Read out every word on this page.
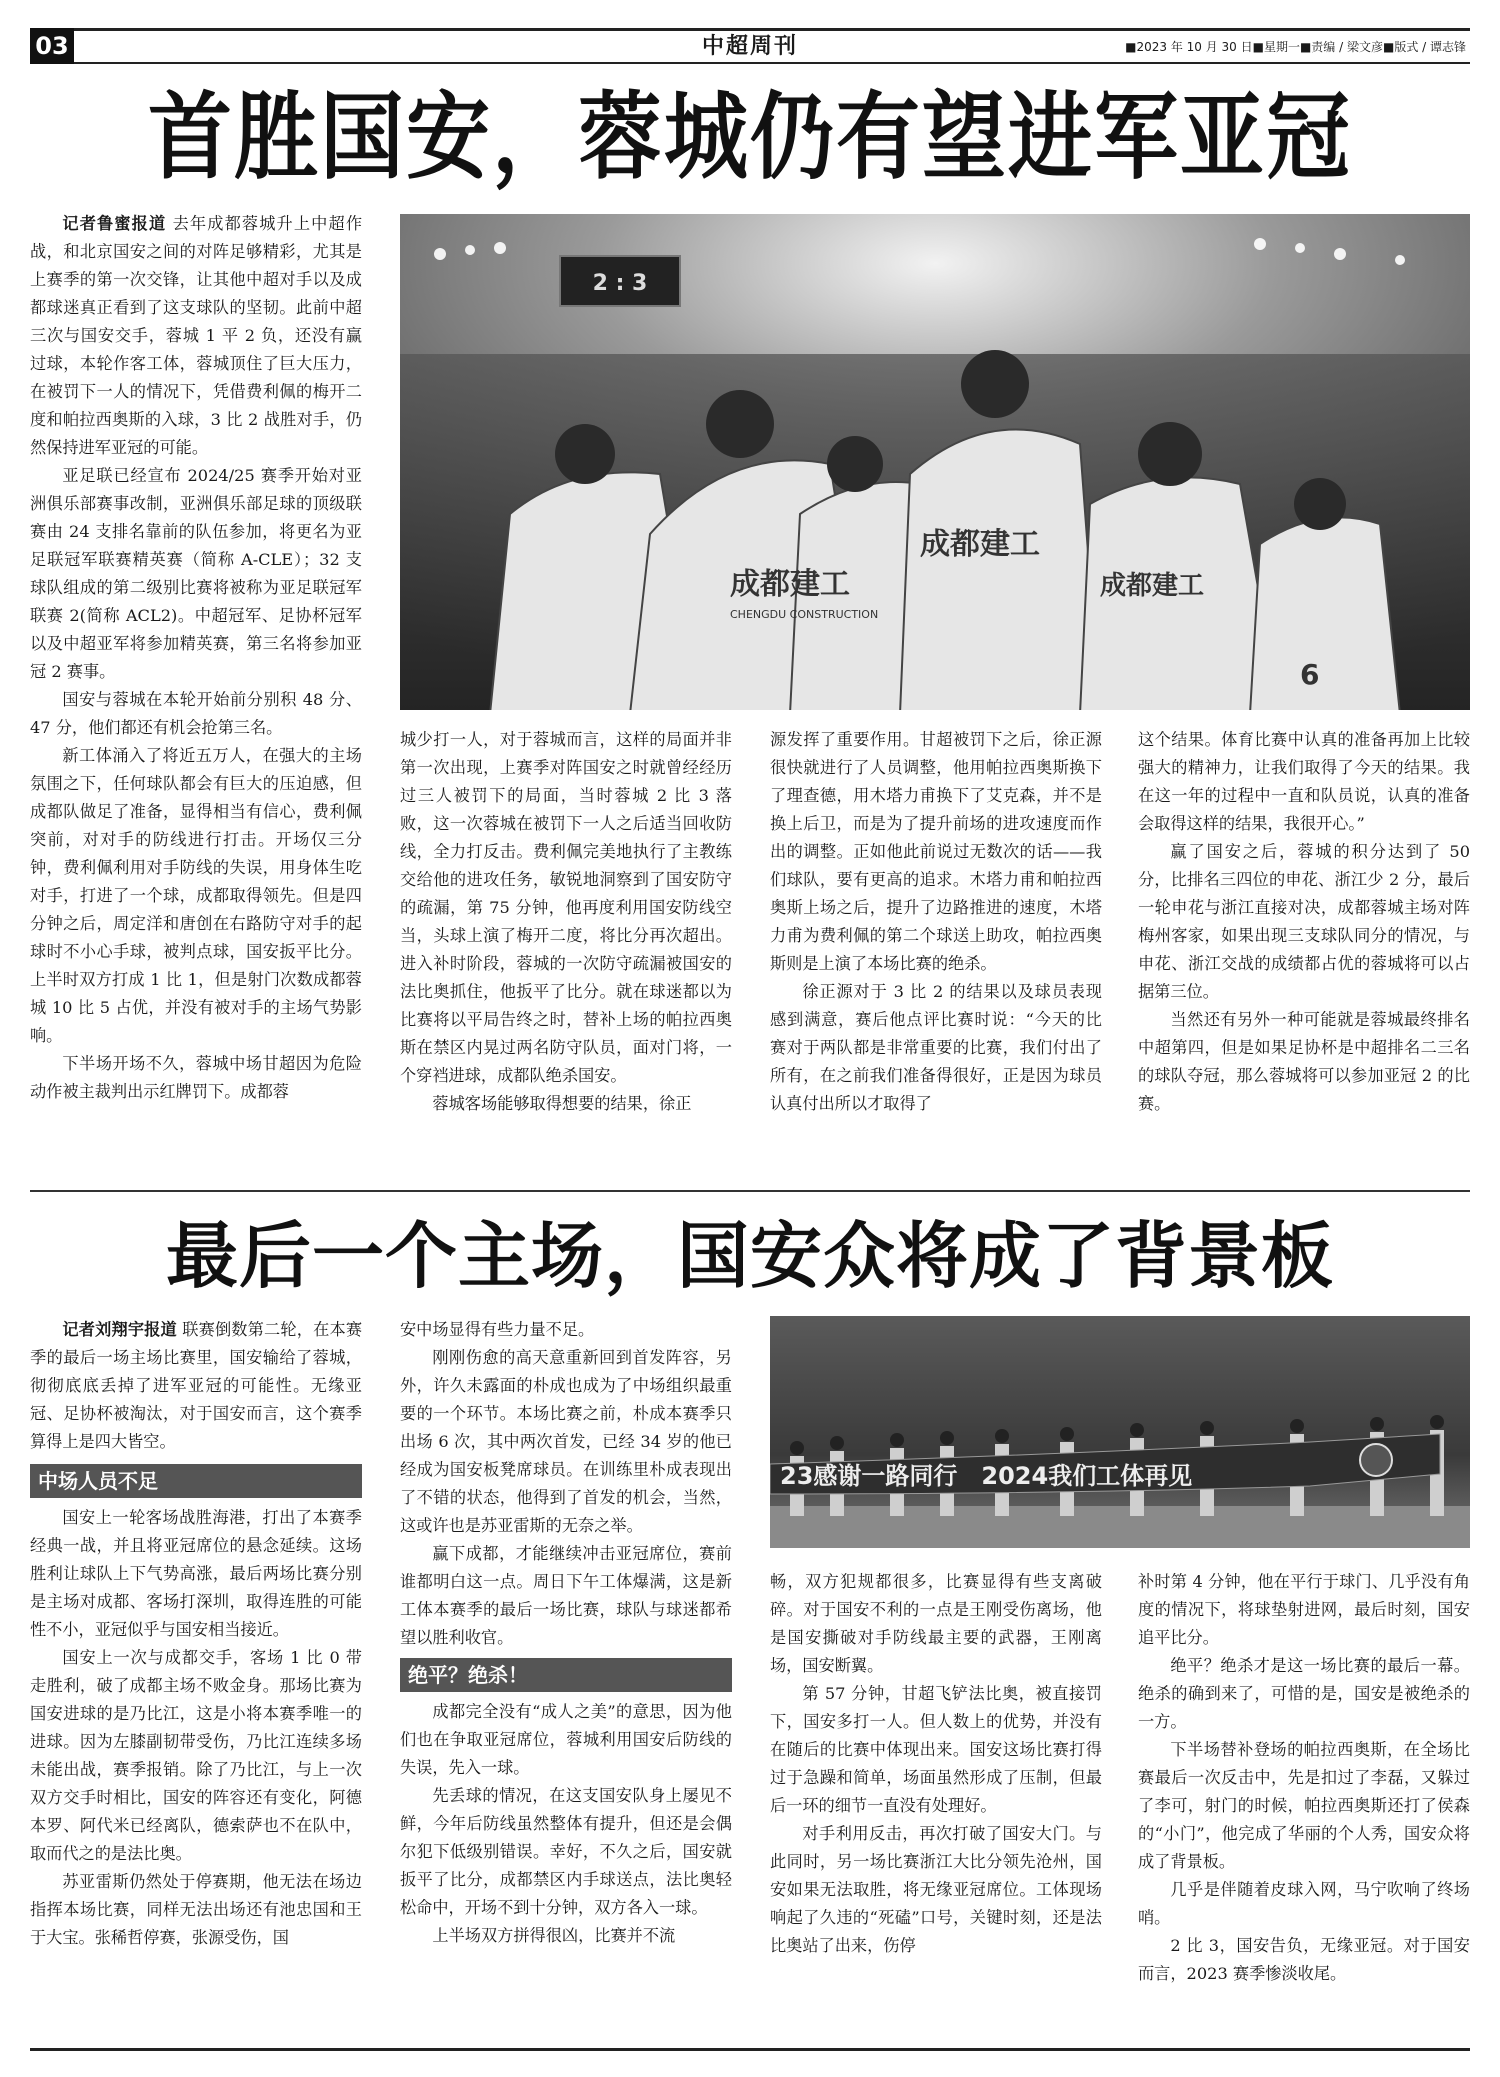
03	中超周刊	■2023 年 10 月 30 日■星期一■责编 / 梁文彦■版式 / 谭志锋
首胜国安，蓉城仍有望进军亚冠

记者鲁蜜报道 去年成都蓉城升上中超作战，和北京国安之间的对阵足够精彩，尤其是上赛季的第一次交锋，让其他中超对手以及成都球迷真正看到了这支球队的坚韧。此前中超三次与国安交手，蓉城 1 平 2 负，还没有赢过球，本轮作客工体，蓉城顶住了巨大压力，在被罚下一人的情况下，凭借费利佩的梅开二度和帕拉西奥斯的入球，3 比 2 战胜对手，仍然保持进军亚冠的可能。

亚足联已经宣布 2024/25 赛季开始对亚洲俱乐部赛事改制，亚洲俱乐部足球的顶级联赛由 24 支排名靠前的队伍参加，将更名为亚足联冠军联赛精英赛（简称 A-CLE）；32 支球队组成的第二级别比赛将被称为亚足联冠军联赛 2(简称 ACL2)。中超冠军、足协杯冠军以及中超亚军将参加精英赛，第三名将参加亚冠 2 赛事。

国安与蓉城在本轮开始前分别积 48 分、47 分，他们都还有机会抢第三名。

新工体涌入了将近五万人，在强大的主场氛围之下，任何球队都会有巨大的压迫感，但成都队做足了准备，显得相当有信心，费利佩突前，对对手的防线进行打击。开场仅三分钟，费利佩利用对手防线的失误，用身体生吃对手，打进了一个球，成都取得领先。但是四分钟之后，周定洋和唐创在右路防守对手的起球时不小心手球，被判点球，国安扳平比分。上半时双方打成 1 比 1，但是射门次数成都蓉城 10 比 5 占优，并没有被对手的主场气势影响。

下半场开场不久，蓉城中场甘超因为危险动作被主裁判出示红牌罚下。成都蓉

2 : 3
成都建工
CHENGDU CONSTRUCTION
成都建工
成都建工
6

城少打一人，对于蓉城而言，这样的局面并非第一次出现，上赛季对阵国安之时就曾经经历过三人被罚下的局面，当时蓉城 2 比 3 落败，这一次蓉城在被罚下一人之后适当回收防线，全力打反击。费利佩完美地执行了主教练交给他的进攻任务，敏锐地洞察到了国安防守的疏漏，第 75 分钟，他再度利用国安防线空当，头球上演了梅开二度，将比分再次超出。进入补时阶段，蓉城的一次防守疏漏被国安的法比奥抓住，他扳平了比分。就在球迷都以为比赛将以平局告终之时，替补上场的帕拉西奥斯在禁区内晃过两名防守队员，面对门将，一个穿裆进球，成都队绝杀国安。

蓉城客场能够取得想要的结果，徐正

源发挥了重要作用。甘超被罚下之后，徐正源很快就进行了人员调整，他用帕拉西奥斯换下了理查德，用木塔力甫换下了艾克森，并不是换上后卫，而是为了提升前场的进攻速度而作出的调整。正如他此前说过无数次的话——我们球队，要有更高的追求。木塔力甫和帕拉西奥斯上场之后，提升了边路推进的速度，木塔力甫为费利佩的第二个球送上助攻，帕拉西奥斯则是上演了本场比赛的绝杀。

徐正源对于 3 比 2 的结果以及球员表现感到满意，赛后他点评比赛时说：“今天的比赛对于两队都是非常重要的比赛，我们付出了所有，在之前我们准备得很好，正是因为球员认真付出所以才取得了

这个结果。体育比赛中认真的准备再加上比较强大的精神力，让我们取得了今天的结果。我在这一年的过程中一直和队员说，认真的准备会取得这样的结果，我很开心。”

赢了国安之后，蓉城的积分达到了 50 分，比排名三四位的申花、浙江少 2 分，最后一轮申花与浙江直接对决，成都蓉城主场对阵梅州客家，如果出现三支球队同分的情况，与申花、浙江交战的成绩都占优的蓉城将可以占据第三位。

当然还有另外一种可能就是蓉城最终排名中超第四，但是如果足协杯是中超排名二三名的球队夺冠，那么蓉城将可以参加亚冠 2 的比赛。

最后一个主场，国安众将成了背景板

记者刘翔宇报道 联赛倒数第二轮，在本赛季的最后一场主场比赛里，国安输给了蓉城，彻彻底底丢掉了进军亚冠的可能性。无缘亚冠、足协杯被淘汰，对于国安而言，这个赛季算得上是四大皆空。

中场人员不足

国安上一轮客场战胜海港，打出了本赛季经典一战，并且将亚冠席位的悬念延续。这场胜利让球队上下气势高涨，最后两场比赛分别是主场对成都、客场打深圳，取得连胜的可能性不小，亚冠似乎与国安相当接近。

国安上一次与成都交手，客场 1 比 0 带走胜利，破了成都主场不败金身。那场比赛为国安进球的是乃比江，这是小将本赛季唯一的进球。因为左膝副韧带受伤，乃比江连续多场未能出战，赛季报销。除了乃比江，与上一次双方交手时相比，国安的阵容还有变化，阿德本罗、阿代米已经离队，德索萨也不在队中，取而代之的是法比奥。

苏亚雷斯仍然处于停赛期，他无法在场边指挥本场比赛，同样无法出场还有池忠国和王于大宝。张稀哲停赛，张源受伤，国

安中场显得有些力量不足。

刚刚伤愈的高天意重新回到首发阵容，另外，许久未露面的朴成也成为了中场组织最重要的一个环节。本场比赛之前，朴成本赛季只出场 6 次，其中两次首发，已经 34 岁的他已经成为国安板凳席球员。在训练里朴成表现出了不错的状态，他得到了首发的机会，当然，这或许也是苏亚雷斯的无奈之举。

赢下成都，才能继续冲击亚冠席位，赛前谁都明白这一点。周日下午工体爆满，这是新工体本赛季的最后一场比赛，球队与球迷都希望以胜利收官。

绝平？绝杀！

成都完全没有“成人之美”的意思，因为他们也在争取亚冠席位，蓉城利用国安后防线的失误，先入一球。

先丢球的情况，在这支国安队身上屡见不鲜，今年后防线虽然整体有提升，但还是会偶尔犯下低级别错误。幸好，不久之后，国安就扳平了比分，成都禁区内手球送点，法比奥轻松命中，开场不到十分钟，双方各入一球。

上半场双方拼得很凶，比赛并不流

23感谢一路同行　2024我们工体再见

畅，双方犯规都很多，比赛显得有些支离破碎。对于国安不利的一点是王刚受伤离场，他是国安撕破对手防线最主要的武器，王刚离场，国安断翼。

第 57 分钟，甘超飞铲法比奥，被直接罚下，国安多打一人。但人数上的优势，并没有在随后的比赛中体现出来。国安这场比赛打得过于急躁和简单，场面虽然形成了压制，但最后一环的细节一直没有处理好。

对手利用反击，再次打破了国安大门。与此同时，另一场比赛浙江大比分领先沧州，国安如果无法取胜，将无缘亚冠席位。工体现场响起了久违的“死磕”口号，关键时刻，还是法比奥站了出来，伤停

补时第 4 分钟，他在平行于球门、几乎没有角度的情况下，将球垫射进网，最后时刻，国安追平比分。

绝平？绝杀才是这一场比赛的最后一幕。绝杀的确到来了，可惜的是，国安是被绝杀的一方。

下半场替补登场的帕拉西奥斯，在全场比赛最后一次反击中，先是扣过了李磊，又躲过了李可，射门的时候，帕拉西奥斯还打了侯森的“小门”，他完成了华丽的个人秀，国安众将成了背景板。

几乎是伴随着皮球入网，马宁吹响了终场哨。

2 比 3，国安告负，无缘亚冠。对于国安而言，2023 赛季惨淡收尾。
